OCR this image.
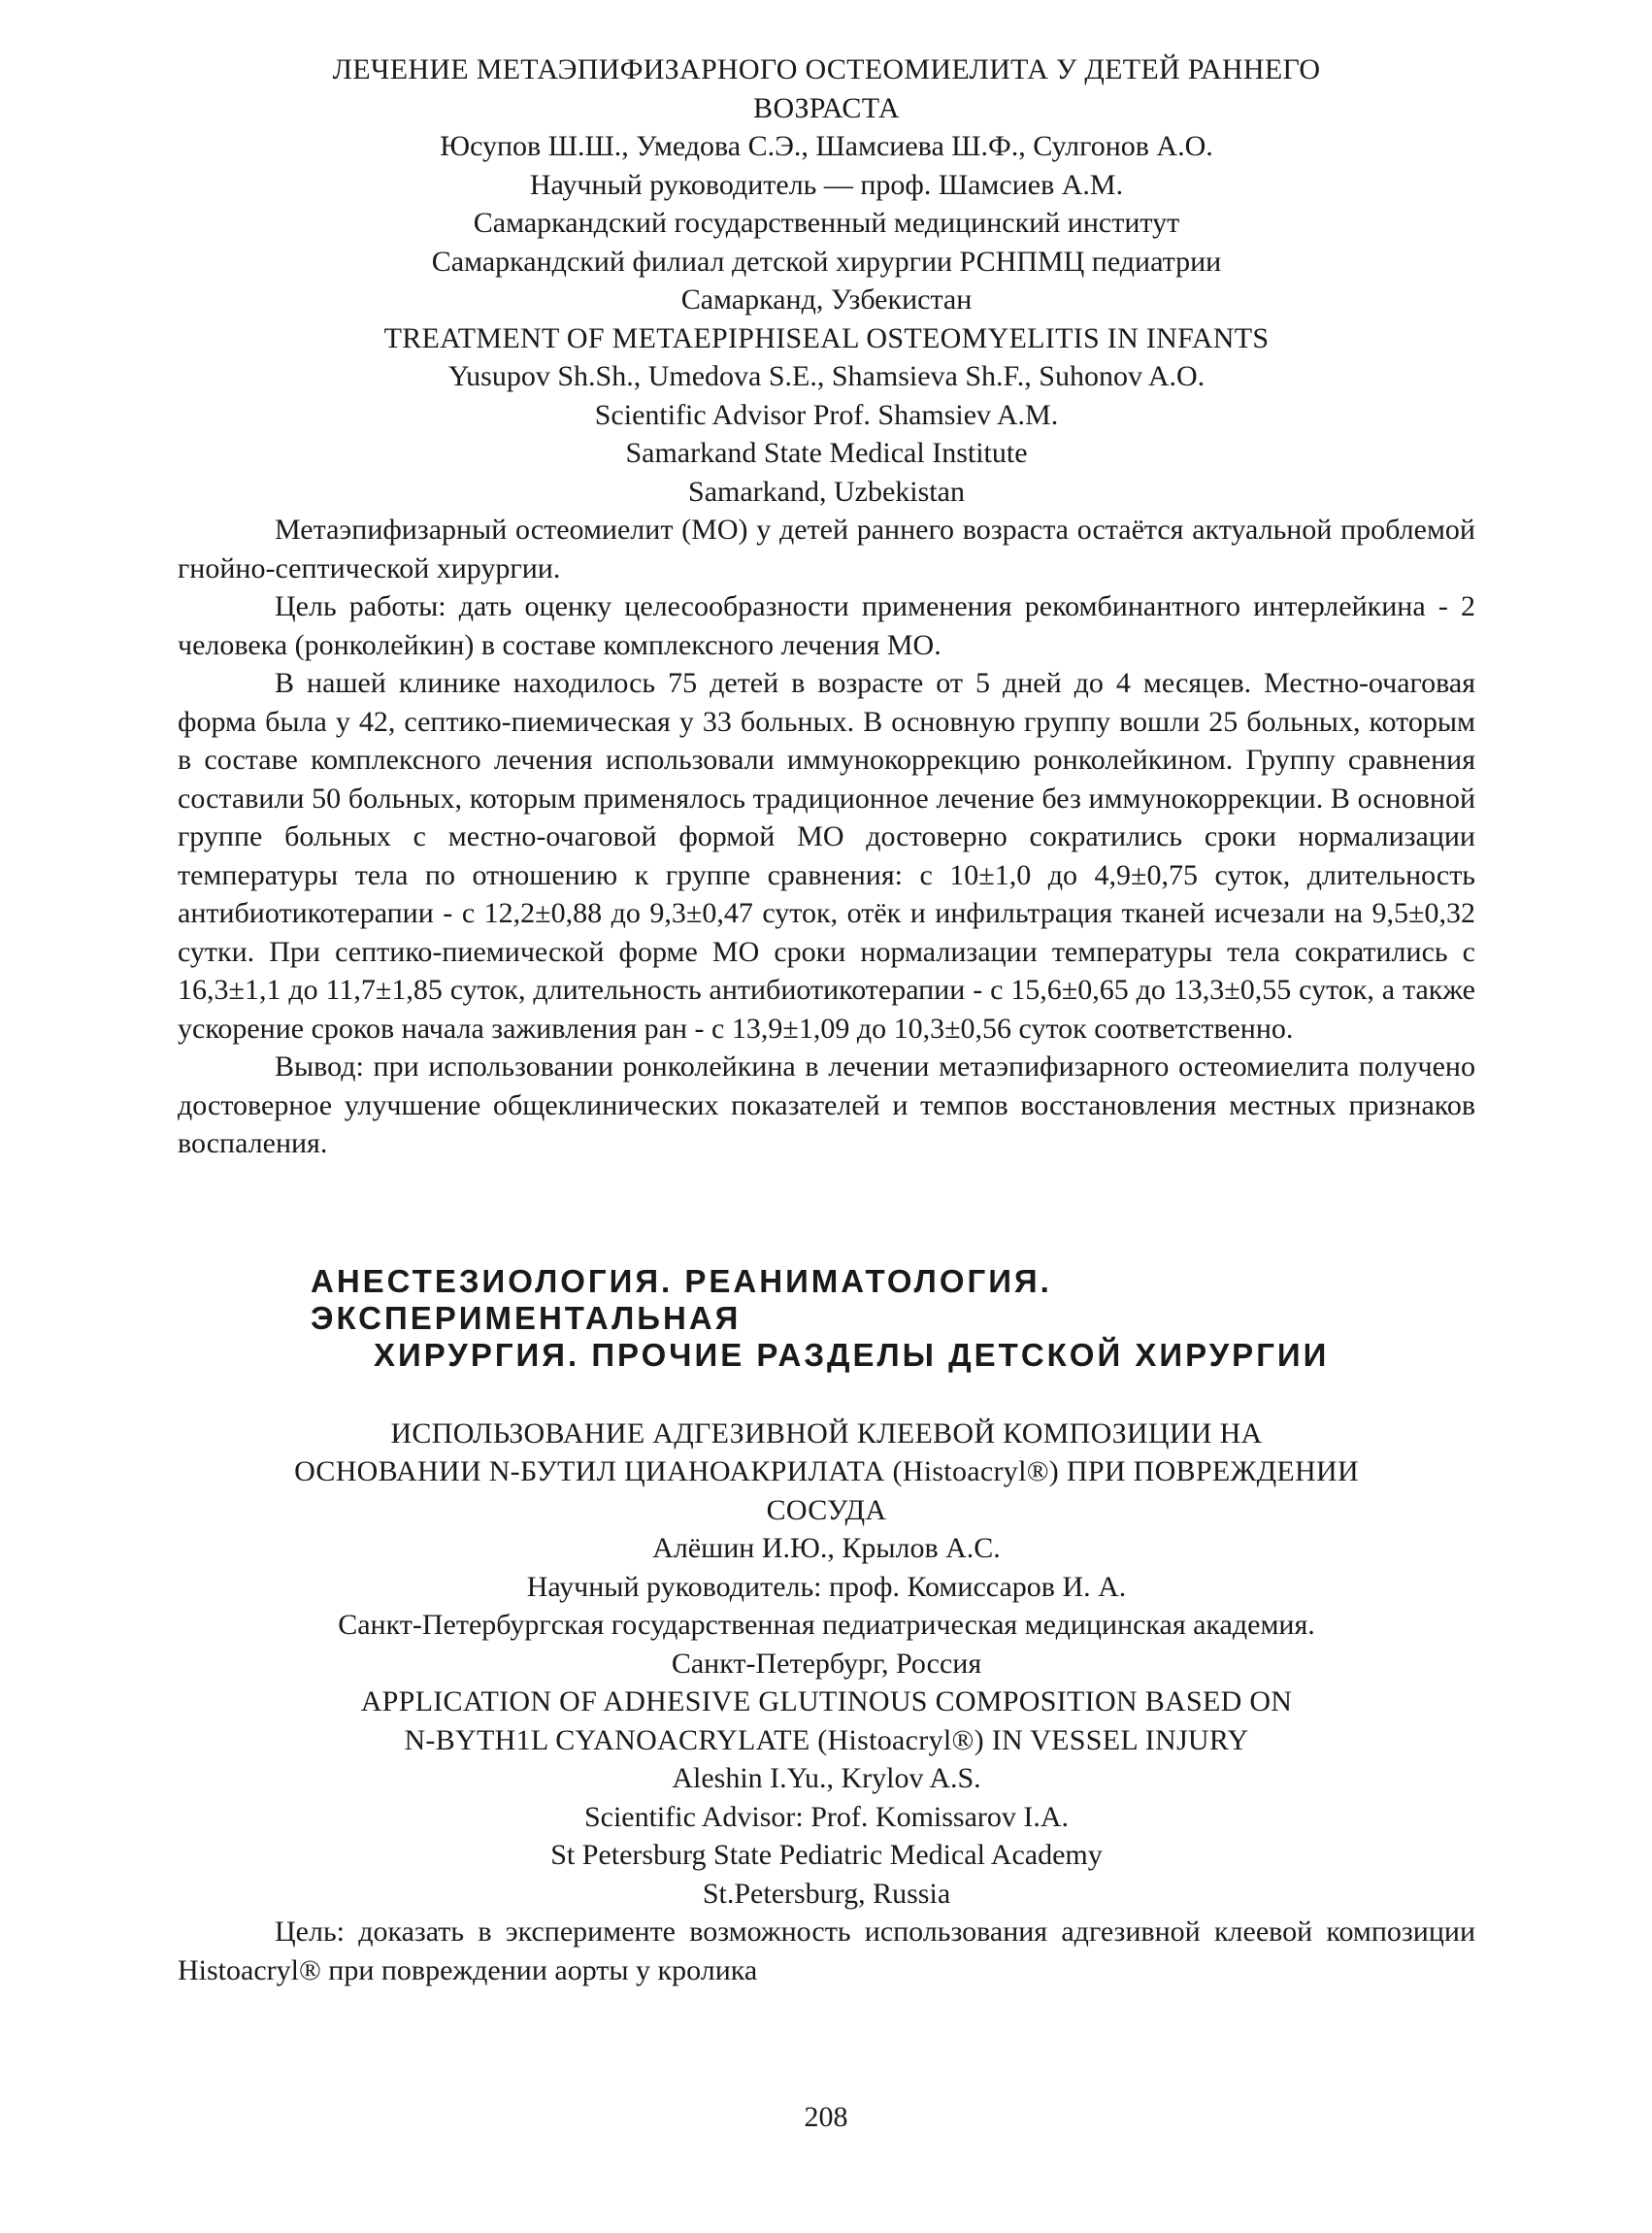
ЛЕЧЕНИЕ МЕТАЭПИФИЗАРНОГО ОСТЕОМИЕЛИТА У ДЕТЕЙ РАННЕГО
ВОЗРАСТА
Юсупов Ш.Ш., Умедова С.Э., Шамсиева Ш.Ф., Сулгонов А.О.
Научный руководитель — проф. Шамсиев А.М.
Самаркандский государственный медицинский институт
Самаркандский филиал детской хирургии РСНПМЦ педиатрии
Самарканд, Узбекистан
TREATMENT OF METAEPIPHISEAL OSTEOMYELITIS IN INFANTS
Yusupov Sh.Sh., Umedova S.E., Shamsieva Sh.F., Suhonov A.O.
Scientific Advisor Prof. Shamsiev A.M.
Samarkand State Medical Institute
Samarkand, Uzbekistan

Метаэпифизарный остеомиелит (МО) у детей раннего возраста остаётся актуальной проблемой гнойно-септической хирургии.

Цель работы: дать оценку целесообразности применения рекомбинантного интерлейкина - 2 человека (ронколейкин) в составе комплексного лечения МО.

В нашей клинике находилось 75 детей в возрасте от 5 дней до 4 месяцев. Местно-очаговая форма была у 42, септико-пиемическая у 33 больных. В основную группу вошли 25 больных, которым в составе комплексного лечения использовали иммунокоррекцию ронколейкином. Группу сравнения составили 50 больных, которым применялось традиционное лечение без иммунокоррекции. В основной группе больных с местно-очаговой формой МО достоверно сократились сроки нормализации температуры тела по отношению к группе сравнения: с 10±1,0 до 4,9±0,75 суток, длительность антибиотикотерапии - с 12,2±0,88 до 9,3±0,47 суток, отёк и инфильтрация тканей исчезали на 9,5±0,32 сутки. При септико-пиемической форме МО сроки нормализации температуры тела сократились с 16,3±1,1 до 11,7±1,85 суток, длительность антибиотикотерапии - с 15,6±0,65 до 13,3±0,55 суток, а также ускорение сроков начала заживления ран - с 13,9±1,09 до 10,3±0,56 суток соответственно.

Вывод: при использовании ронколейкина в лечении метаэпифизарного остеомиелита получено достоверное улучшение общеклинических показателей и темпов восстановления местных признаков воспаления.

АНЕСТЕЗИОЛОГИЯ. РЕАНИМАТОЛОГИЯ. ЭКСПЕРИМЕНТАЛЬНАЯ
ХИРУРГИЯ. ПРОЧИЕ РАЗДЕЛЫ ДЕТСКОЙ ХИРУРГИИ
ИСПОЛЬЗОВАНИЕ АДГЕЗИВНОЙ КЛЕЕВОЙ КОМПОЗИЦИИ НА
ОСНОВАНИИ N-БУТИЛ ЦИАНОАКРИЛАТА (Histoacryl®) ПРИ ПОВРЕЖДЕНИИ
СОСУДА
Алёшин И.Ю., Крылов А.С.
Научный руководитель: проф. Комиссаров И. А.
Санкт-Петербургская государственная педиатрическая медицинская академия.
Санкт-Петербург, Россия
APPLICATION OF ADHESIVE GLUTINOUS COMPOSITION BASED ON
N-BYTH1L CYANOACRYLATE (Histoacryl®) IN VESSEL INJURY
Aleshin I.Yu., Krylov A.S.
Scientific Advisor: Prof. Komissarov I.A.
St Petersburg State Pediatric Medical Academy
St.Petersburg, Russia

Цель: доказать в эксперименте возможность использования адгезивной клеевой композиции Histoacryl® при повреждении аорты у кролика

208
